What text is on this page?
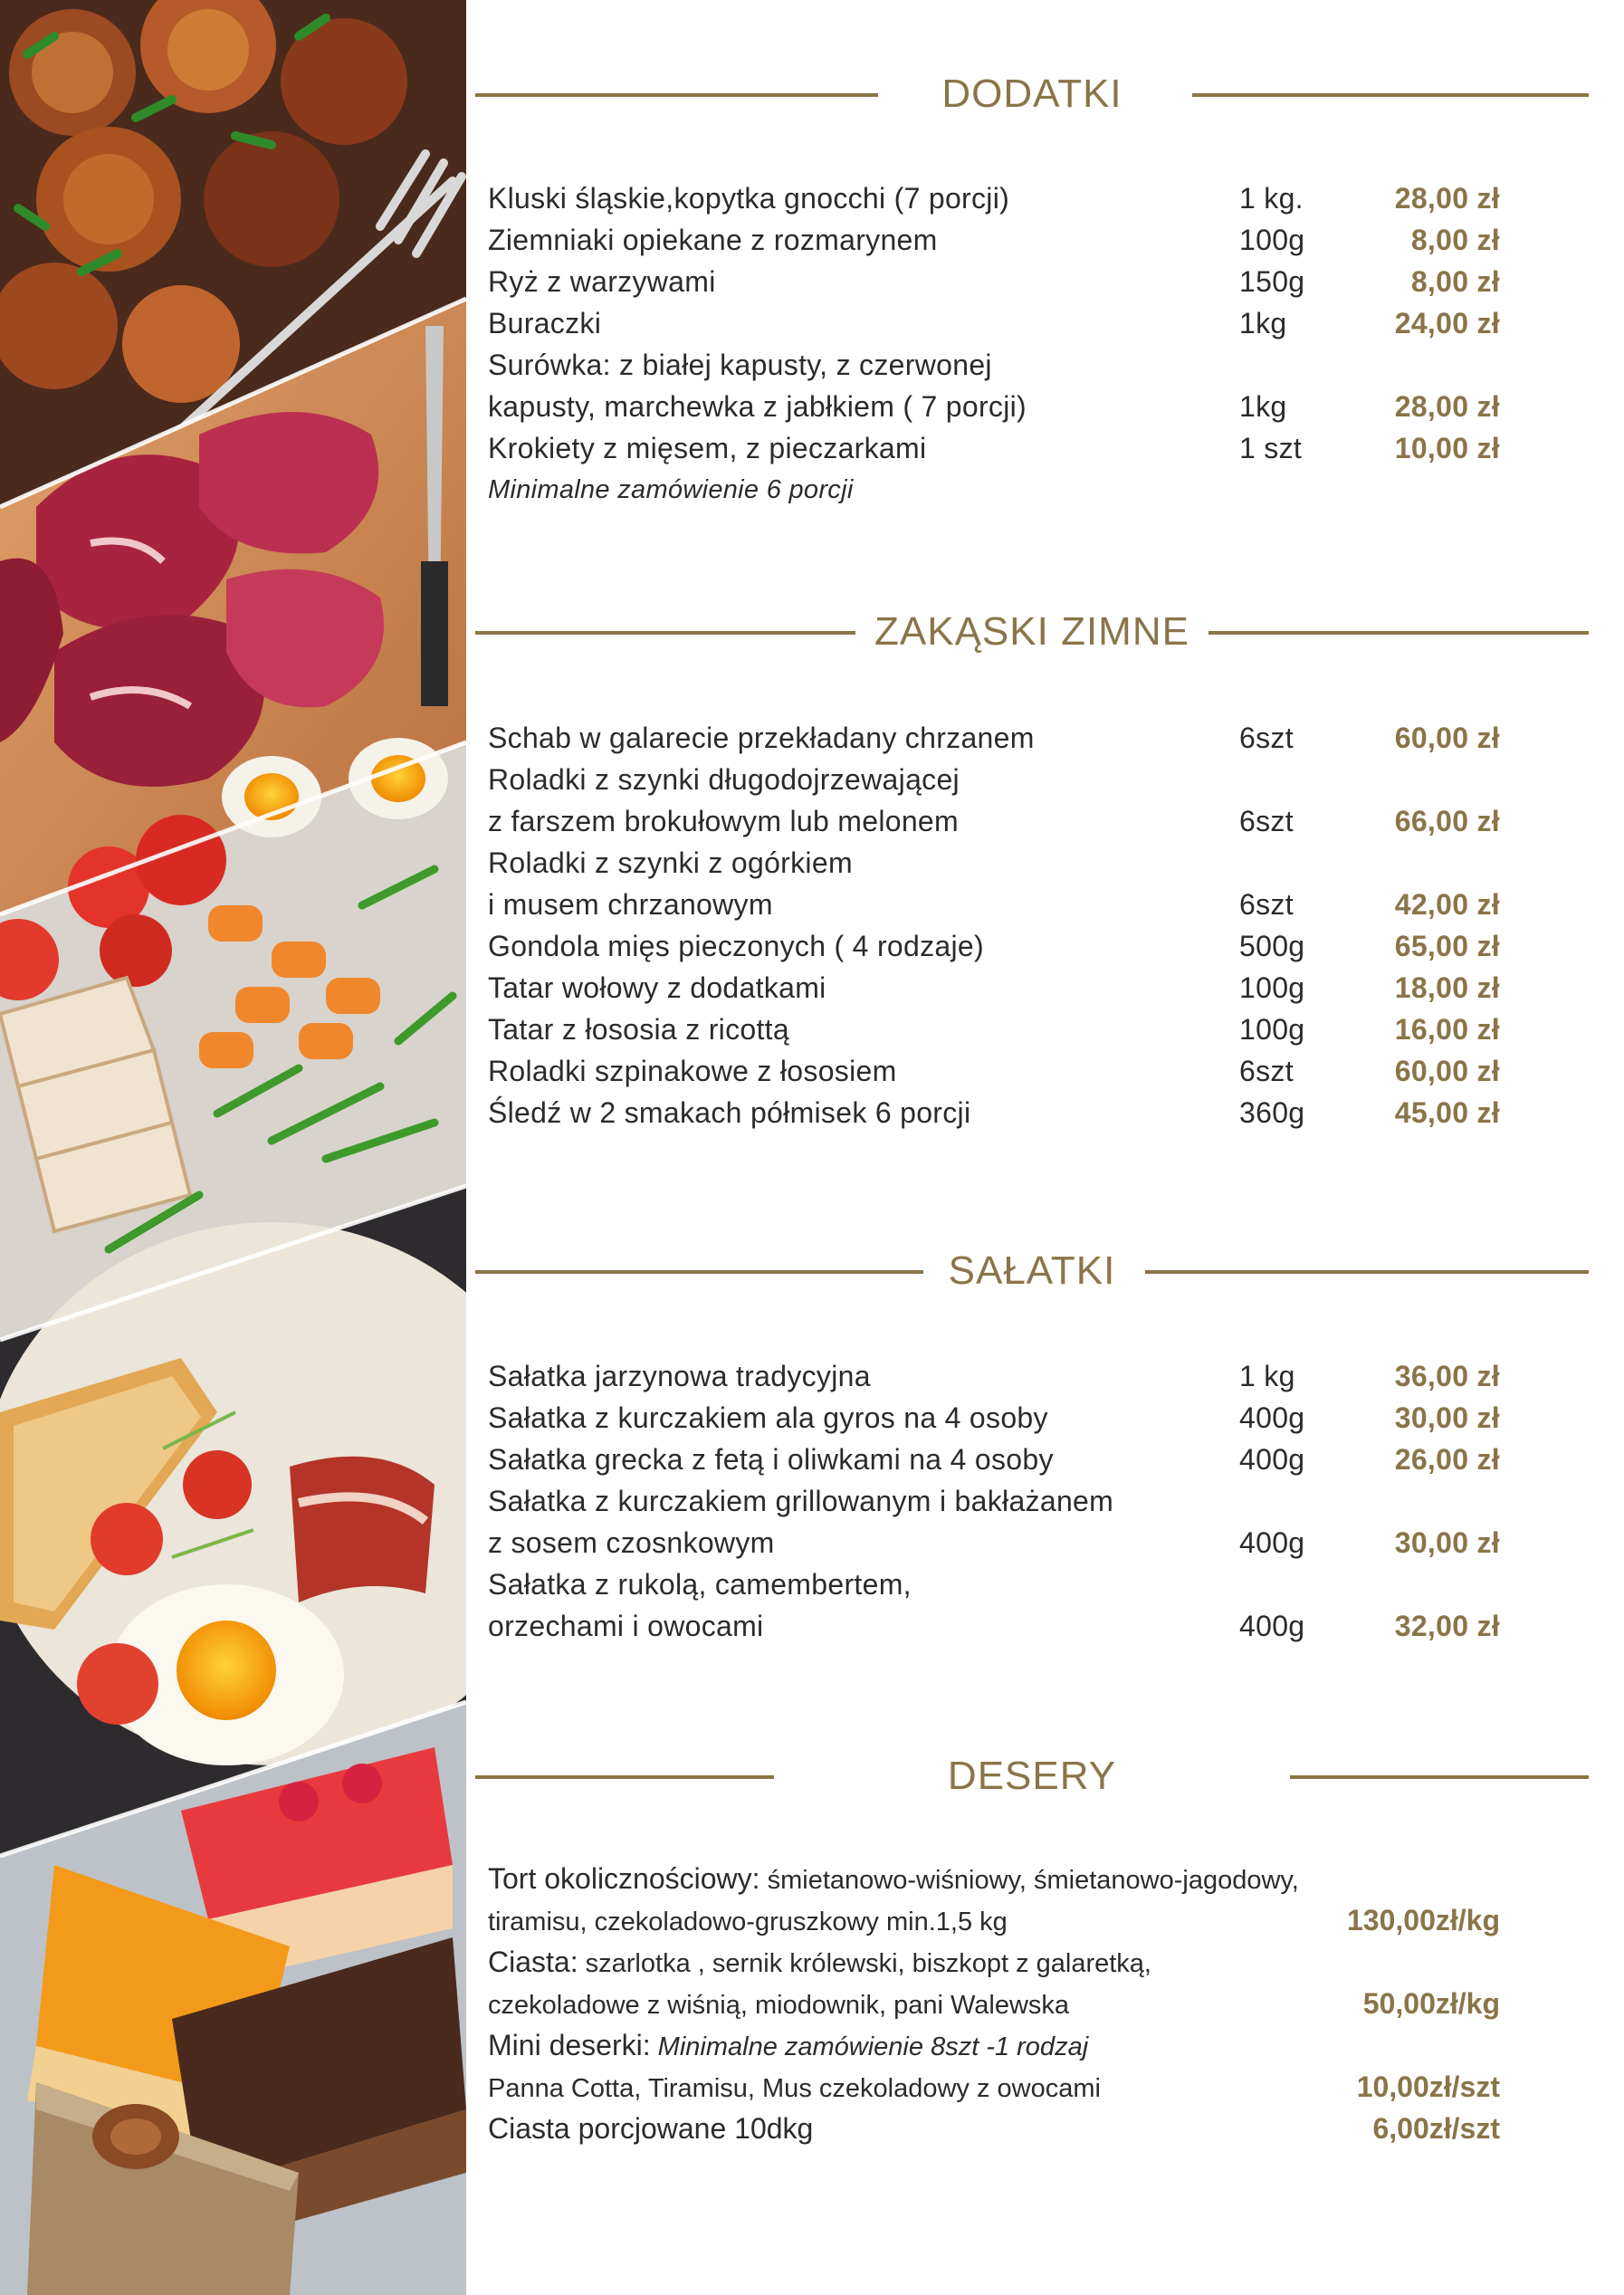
DODATKI
Kluski śląskie,kopytka gnocchi (7 porcji)	1 kg.	28,00 zł
Ziemniaki opiekane z rozmarynem	100g	8,00 zł
Ryż z warzywami	150g	8,00 zł
Buraczki	1kg	24,00 zł
Surówka: z białej kapusty, z czerwonej
kapusty, marchewka z jabłkiem ( 7 porcji)	1kg	28,00 zł
Krokiety z mięsem, z pieczarkami	1 szt	10,00 zł
Minimalne zamówienie 6 porcji
ZAKĄSKI ZIMNE
Schab w galarecie przekładany chrzanem	6szt	60,00 zł
Roladki z szynki długodojrzewającej
z farszem brokułowym lub melonem	6szt	66,00 zł
Roladki z szynki z ogórkiem
i musem chrzanowym	6szt	42,00 zł
Gondola mięs pieczonych ( 4 rodzaje)	500g	65,00 zł
Tatar wołowy z dodatkami	100g	18,00 zł
Tatar z łososia z ricottą	100g	16,00 zł
Roladki szpinakowe z łososiem	6szt	60,00 zł
Śledź w 2 smakach półmisek 6 porcji	360g	45,00 zł
SAŁATKI
Sałatka jarzynowa tradycyjna	1 kg	36,00 zł
Sałatka z kurczakiem ala gyros na 4 osoby	400g	30,00 zł
Sałatka grecka z fetą i oliwkami na 4 osoby	400g	26,00 zł
Sałatka z kurczakiem grillowanym i bakłażanem
z sosem czosnkowym	400g	30,00 zł
Sałatka z rukolą, camembertem,
orzechami i owocami	400g	32,00 zł
DESERY
Tort okolicznościowy: śmietanowo-wiśniowy, śmietanowo-jagodowy,
tiramisu, czekoladowo-gruszkowy min.1,5 kg	130,00zł/kg
Ciasta: szarlotka , sernik królewski, biszkopt z galaretką,
czekoladowe z wiśnią, miodownik, pani Walewska	50,00zł/kg
Mini deserki: Minimalne zamówienie 8szt -1 rodzaj
Panna Cotta, Tiramisu, Mus czekoladowy z owocami	10,00zł/szt
Ciasta porcjowane 10dkg	6,00zł/szt
